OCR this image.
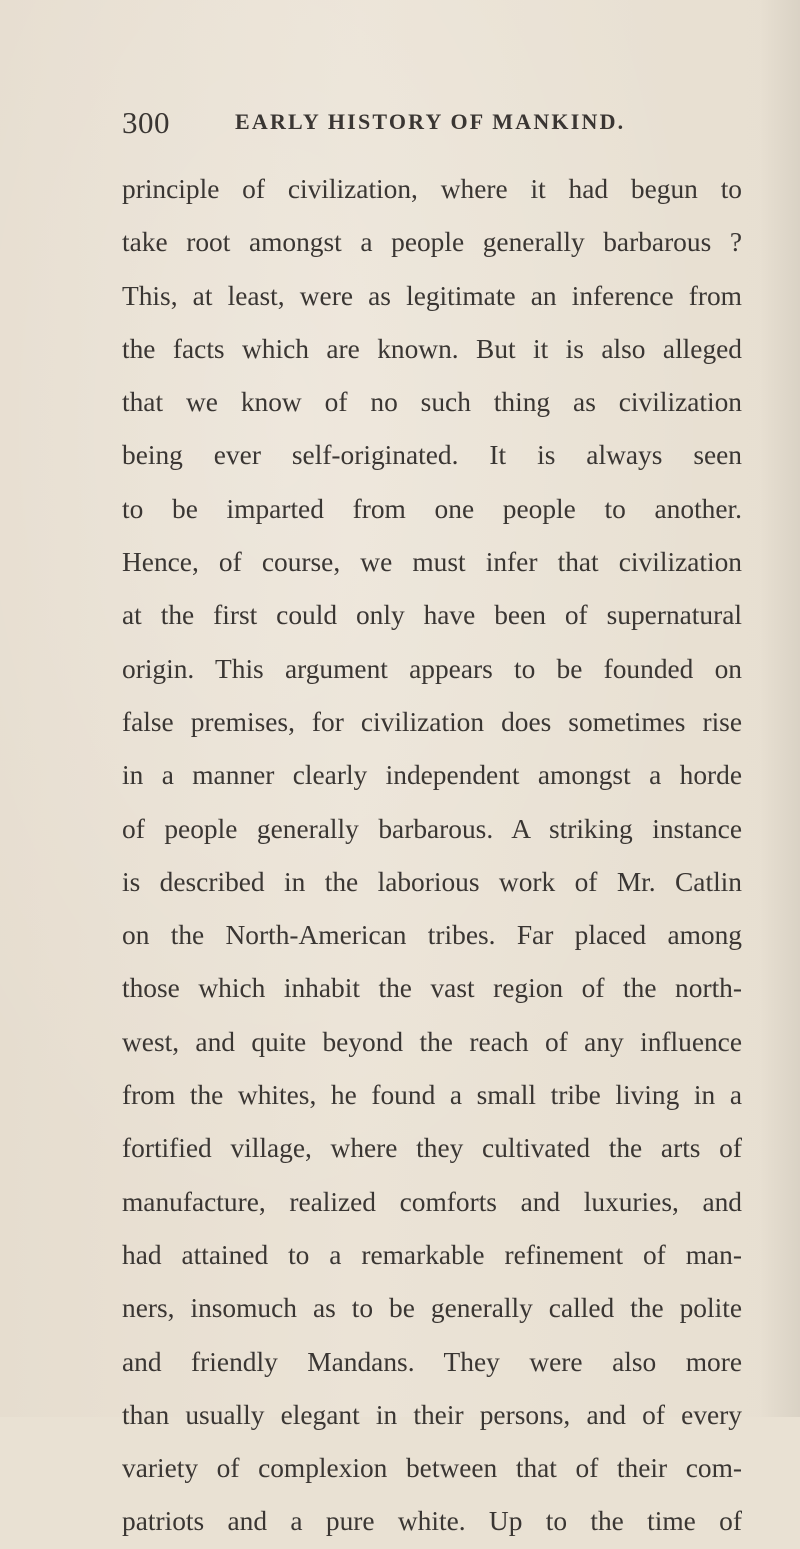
300	EARLY HISTORY OF MANKIND.
principle of civilization, where it had begun to
take root amongst a people generally barbarous ?
This, at least, were as legitimate an inference from
the facts which are known. But it is also alleged
that we know of no such thing as civilization
being ever self-originated. It is always seen
to be imparted from one people to another.
Hence, of course, we must infer that civilization
at the first could only have been of supernatural
origin. This argument appears to be founded on
false premises, for civilization does sometimes rise
in a manner clearly independent amongst a horde
of people generally barbarous. A striking instance
is described in the laborious work of Mr. Catlin
on the North-American tribes. Far placed among
those which inhabit the vast region of the north-
west, and quite beyond the reach of any influence
from the whites, he found a small tribe living in a
fortified village, where they cultivated the arts of
manufacture, realized comforts and luxuries, and
had attained to a remarkable refinement of man-
ners, insomuch as to be generally called the polite
and friendly Mandans. They were also more
than usually elegant in their persons, and of every
variety of complexion between that of their com-
patriots and a pure white. Up to the time of
